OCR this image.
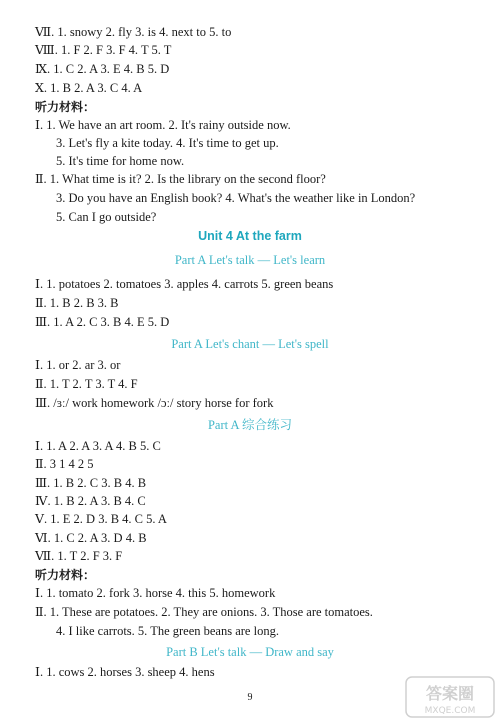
Ⅶ. 1. snowy 2. fly 3. is 4. next to 5. to
Ⅷ. 1. F 2. F 3. F 4. T 5. T
Ⅸ. 1. C 2. A 3. E 4. B 5. D
Ⅹ. 1. B 2. A 3. C 4. A
听力材料：
Ⅰ. 1. We have an art room. 2. It's rainy outside now.
3. Let's fly a kite today. 4. It's time to get up.
5. It's time for home now.
Ⅱ. 1. What time is it? 2. Is the library on the second floor?
3. Do you have an English book? 4. What's the weather like in London?
5. Can I go outside?
Unit 4 At the farm
Part A Let's talk — Let's learn
Ⅰ. 1. potatoes 2. tomatoes 3. apples 4. carrots 5. green beans
Ⅱ. 1. B 2. B 3. B
Ⅲ. 1. A 2. C 3. B 4. E 5. D
Part A Let's chant — Let's spell
Ⅰ. 1. or 2. ar 3. or
Ⅱ. 1. T 2. T 3. T 4. F
Ⅲ. /ɜː/ work homework /ɔː/ story horse for fork
Part A 综合练习
Ⅰ. 1. A 2. A 3. A 4. B 5. C
Ⅱ. 3 1 4 2 5
Ⅲ. 1. B 2. C 3. B 4. B
Ⅳ. 1. B 2. A 3. B 4. C
Ⅴ. 1. E 2. D 3. B 4. C 5. A
Ⅵ. 1. C 2. A 3. D 4. B
Ⅶ. 1. T 2. F 3. F
听力材料：
Ⅰ. 1. tomato 2. fork 3. horse 4. this 5. homework
Ⅱ. 1. These are potatoes. 2. They are onions. 3. Those are tomatoes.
4. I like carrots. 5. The green beans are long.
Part B Let's talk — Draw and say
Ⅰ. 1. cows 2. horses 3. sheep 4. hens
9	答案圈
MXQE.COM
